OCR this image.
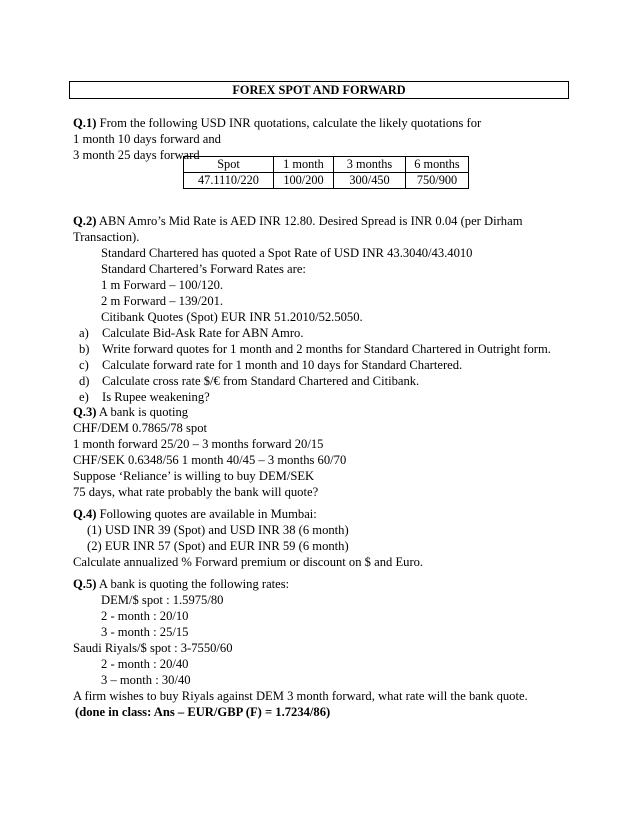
FOREX SPOT AND FORWARD
Q.1) From the following USD INR quotations, calculate the likely quotations for
1 month 10 days forward and
3 month 25 days forward
Spot	1 month	3 months	6 months
47.1110/220	100/200	300/450	750/900
Q.2) ABN Amro’s Mid Rate is AED INR 12.80. Desired Spread is INR 0.04 (per Dirham
Transaction).
Standard Chartered has quoted a Spot Rate of USD INR 43.3040/43.4010
Standard Chartered’s Forward Rates are:
1 m Forward – 100/120.
2 m Forward – 139/201.
Citibank Quotes (Spot) EUR INR 51.2010/52.5050.
a) Calculate Bid-Ask Rate for ABN Amro.
b) Write forward quotes for 1 month and 2 months for Standard Chartered in Outright form.
c) Calculate forward rate for 1 month and 10 days for Standard Chartered.
d) Calculate cross rate $/€ from Standard Chartered and Citibank.
e) Is Rupee weakening?
Q.3) A bank is quoting
CHF/DEM 0.7865/78 spot
1 month forward 25/20 – 3 months forward 20/15
CHF/SEK 0.6348/56 1 month 40/45 – 3 months 60/70
Suppose ‘Reliance’ is willing to buy DEM/SEK
75 days, what rate probably the bank will quote?
Q.4) Following quotes are available in Mumbai:
(1) USD INR 39 (Spot) and USD INR 38 (6 month)
(2) EUR INR 57 (Spot) and EUR INR 59 (6 month)
Calculate annualized % Forward premium or discount on $ and Euro.
Q.5) A bank is quoting the following rates:
DEM/$ spot : 1.5975/80
2 - month : 20/10
3 - month : 25/15
Saudi Riyals/$ spot : 3-7550/60
2 - month : 20/40
3 – month : 30/40
A firm wishes to buy Riyals against DEM 3 month forward, what rate will the bank quote.
(done in class: Ans – EUR/GBP (F) = 1.7234/86)
